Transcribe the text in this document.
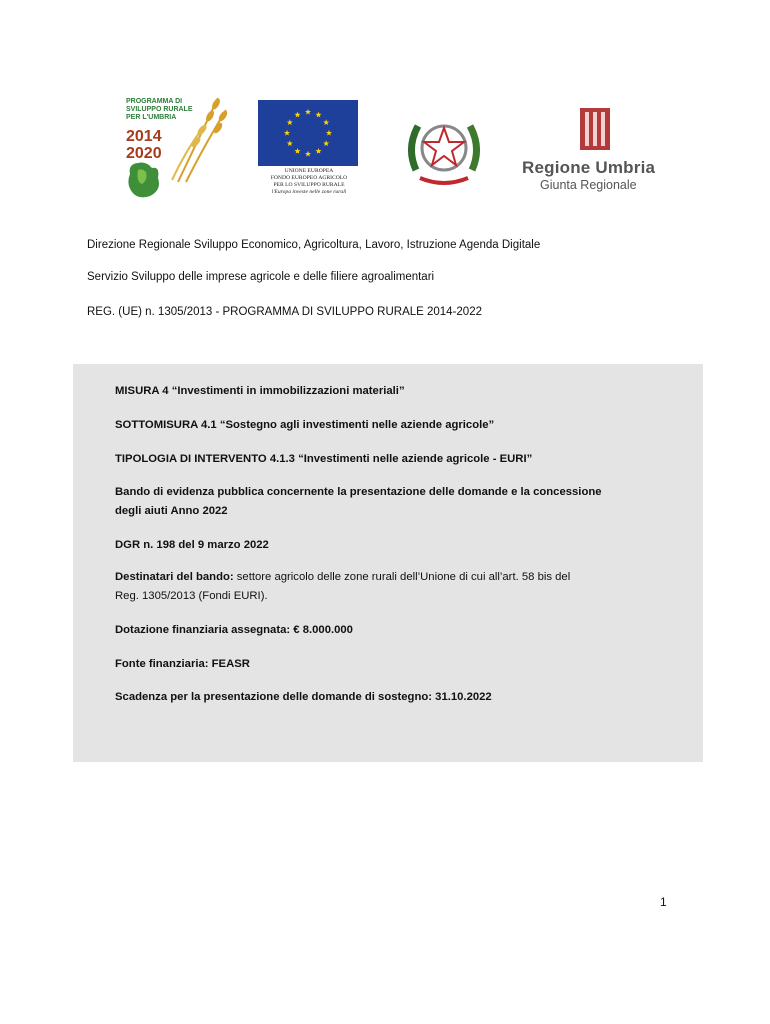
PROGRAMMA DI
SVILUPPO RURALE
PER L'UMBRIA
2014
2020
UNIONE EUROPEA
FONDO EUROPEO AGRICOLO
PER LO SVILUPPO RURALE
l'Europa investe nelle zone rurali
Regione Umbria
Giunta Regionale
Direzione Regionale Sviluppo Economico, Agricoltura, Lavoro, Istruzione Agenda Digitale
Servizio Sviluppo delle imprese agricole e delle filiere agroalimentari
REG. (UE) n. 1305/2013 - PROGRAMMA DI SVILUPPO RURALE 2014-2022
MISURA 4 “Investimenti in immobilizzazioni materiali”
SOTTOMISURA 4.1 “Sostegno agli investimenti nelle aziende agricole”
TIPOLOGIA DI INTERVENTO 4.1.3 “Investimenti nelle aziende agricole - EURI”
Bando di evidenza pubblica concernente la presentazione delle domande e la concessione
degli aiuti Anno 2022
DGR n. 198 del 9 marzo 2022
Destinatari del bando: settore agricolo delle zone rurali dell’Unione di cui all’art. 58 bis del
Reg. 1305/2013 (Fondi EURI).
Dotazione finanziaria assegnata: € 8.000.000
Fonte finanziaria: FEASR
Scadenza per la presentazione delle domande di sostegno: 31.10.2022
1
